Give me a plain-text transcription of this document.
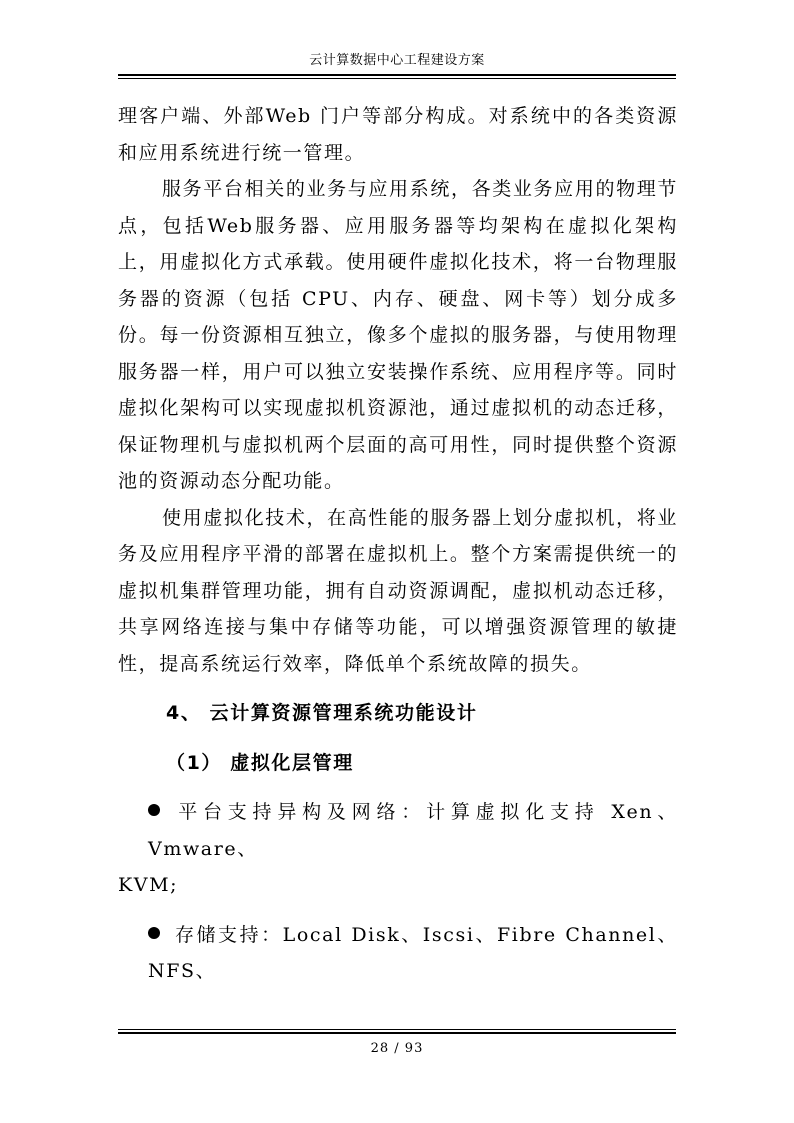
云计算数据中心工程建设方案

理客户端、外部Web 门户等部分构成。对系统中的各类资源和应用系统进行统一管理。

服务平台相关的业务与应用系统，各类业务应用的物理节点，包括Web服务器、应用服务器等均架构在虚拟化架构上，用虚拟化方式承载。使用硬件虚拟化技术，将一台物理服务器的资源（包括 CPU、内存、硬盘、网卡等）划分成多份。每一份资源相互独立，像多个虚拟的服务器，与使用物理服务器一样，用户可以独立安装操作系统、应用程序等。同时虚拟化架构可以实现虚拟机资源池，通过虚拟机的动态迁移，保证物理机与虚拟机两个层面的高可用性，同时提供整个资源池的资源动态分配功能。

使用虚拟化技术，在高性能的服务器上划分虚拟机，将业务及应用程序平滑的部署在虚拟机上。整个方案需提供统一的虚拟机集群管理功能，拥有自动资源调配，虚拟机动态迁移，共享网络连接与集中存储等功能，可以增强资源管理的敏捷性，提高系统运行效率，降低单个系统故障的损失。

4、 云计算资源管理系统功能设计

（1） 虚拟化层管理

平台支持异构及网络：计算虚拟化支持 Xen、Vmware、
KVM;

存储支持：Local Disk、Iscsi、Fibre Channel、NFS、

28 / 93
